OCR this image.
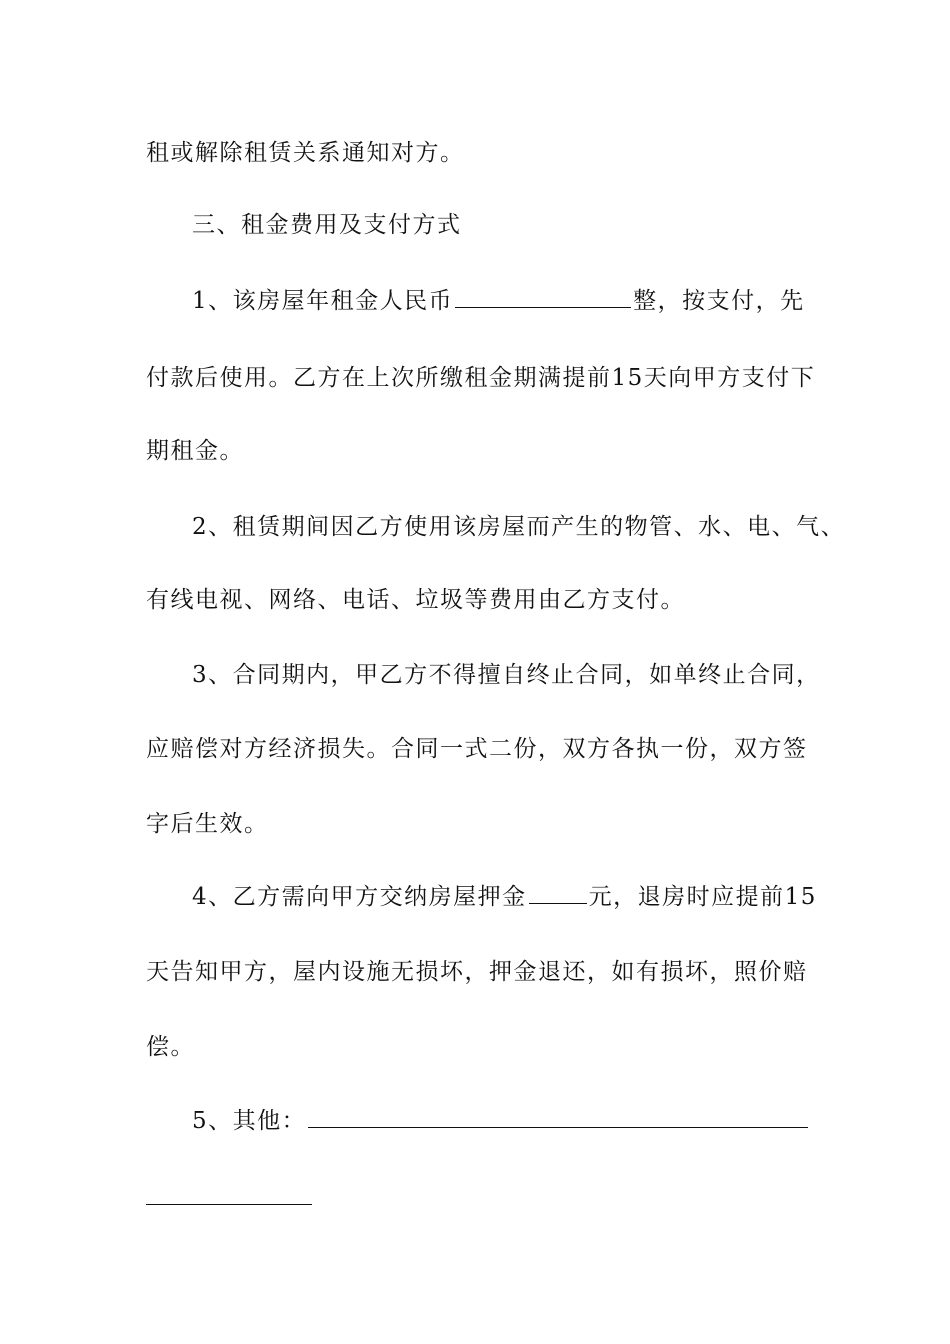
租或解除租赁关系通知对方。
三、租金费用及支付方式
1、该房屋年租金人民币	整，按支付，先
付款后使用。乙方在上次所缴租金期满提前15天向甲方支付下
期租金。
2、租赁期间因乙方使用该房屋而产生的物管、水、电、气、
有线电视、网络、电话、垃圾等费用由乙方支付。
3、合同期内，甲乙方不得擅自终止合同，如单终止合同，
应赔偿对方经济损失。合同一式二份，双方各执一份，双方签
字后生效。
4、乙方需向甲方交纳房屋押金	元，退房时应提前15
天告知甲方，屋内设施无损坏，押金退还，如有损坏，照价赔
偿。
5、其他：
